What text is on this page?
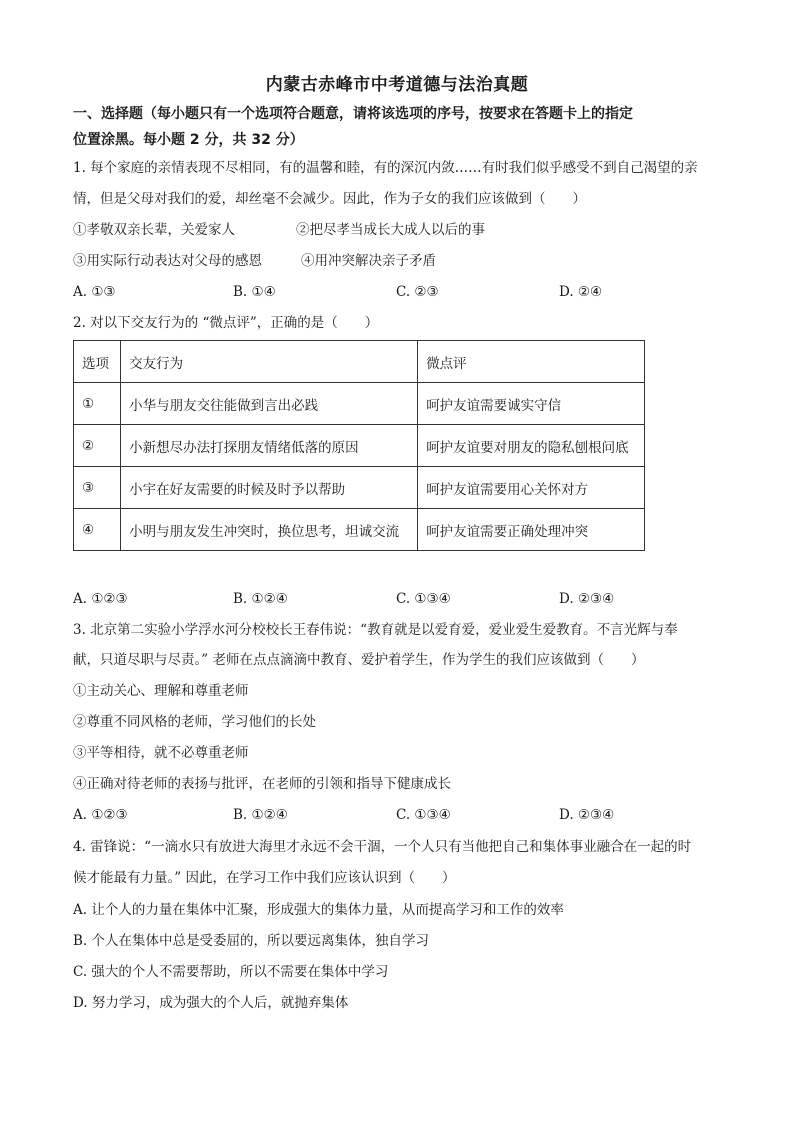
内蒙古赤峰市中考道德与法治真题
一、选择题（每小题只有一个选项符合题意，请将该选项的序号，按要求在答题卡上的指定
位置涂黑。每小题 2 分，共 32 分）
1. 每个家庭的亲情表现不尽相同，有的温馨和睦，有的深沉内敛……有时我们似乎感受不到自己渴望的亲
情，但是父母对我们的爱，却丝毫不会减少。因此，作为子女的我们应该做到（　　）
①孝敬双亲长辈，关爱家人	②把尽孝当成长大成人以后的事
③用实际行动表达对父母的感恩	④用冲突解决亲子矛盾
A. ①③	B. ①④	C. ②③	D. ②④
2. 对以下交友行为的 “微点评”，正确的是（　　）
选项	交友行为	微点评
①	小华与朋友交往能做到言出必践	呵护友谊需要诚实守信
②	小新想尽办法打探朋友情绪低落的原因	呵护友谊要对朋友的隐私刨根问底
③	小宇在好友需要的时候及时予以帮助	呵护友谊需要用心关怀对方
④	小明与朋友发生冲突时，换位思考，坦诚交流	呵护友谊需要正确处理冲突
A. ①②③	B. ①②④	C. ①③④	D. ②③④
3. 北京第二实验小学浮水河分校校长王春伟说：“教育就是以爱育爱，爱业爱生爱教育。不言光辉与奉
献，只道尽职与尽责。” 老师在点点滴滴中教育、爱护着学生，作为学生的我们应该做到（　　）
①主动关心、理解和尊重老师
②尊重不同风格的老师，学习他们的长处
③平等相待，就不必尊重老师
④正确对待老师的表扬与批评，在老师的引领和指导下健康成长
A. ①②③	B. ①②④	C. ①③④	D. ②③④
4. 雷锋说：“一滴水只有放进大海里才永远不会干涸，一个人只有当他把自己和集体事业融合在一起的时
候才能最有力量。” 因此，在学习工作中我们应该认识到（　　）
A. 让个人的力量在集体中汇聚，形成强大的集体力量，从而提高学习和工作的效率
B. 个人在集体中总是受委屈的，所以要远离集体，独自学习
C. 强大的个人不需要帮助，所以不需要在集体中学习
D. 努力学习，成为强大的个人后，就抛弃集体
